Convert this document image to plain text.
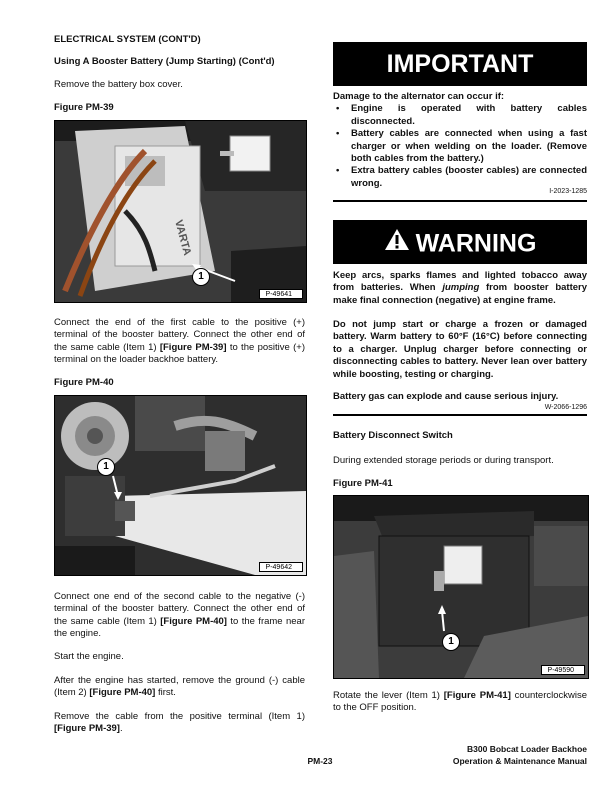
ELECTRICAL SYSTEM (CONT'D)
Using A Booster Battery (Jump Starting) (Cont'd)
Remove the battery box cover.
Figure PM-39
VARTA
1
P-49641
Connect the end of the first cable to the positive (+) terminal of the booster battery. Connect the other end of the same cable (Item 1) [Figure PM-39] to the positive (+) terminal on the loader backhoe battery.
Figure PM-40
1
P-49642
Connect one end of the second cable to the negative (-) terminal of the booster battery. Connect the other end of the same cable (Item 1) [Figure PM-40] to the frame near the engine.
Start the engine.
After the engine has started, remove the ground (-) cable (Item 2) [Figure PM-40] first.
Remove the cable from the positive terminal (Item 1) [Figure PM-39].
IMPORTANT
Damage to the alternator can occur if:
• Engine is operated with battery cables disconnected.
• Battery cables are connected when using a fast charger or when welding on the loader. (Remove both cables from the battery.)
• Extra battery cables (booster cables) are connected wrong.
I-2023-1285
WARNING
Keep arcs, sparks flames and lighted tobacco away from batteries. When jumping from booster battery make final connection (negative) at engine frame.
Do not jump start or charge a frozen or damaged battery. Warm battery to 60°F (16°C) before connecting to a charger. Unplug charger before connecting or disconnecting cables to battery. Never lean over battery while boosting, testing or charging.
Battery gas can explode and cause serious injury.
W-2066-1296
Battery Disconnect Switch
During extended storage periods or during transport.
Figure PM-41
1
P-49590
Rotate the lever (Item 1) [Figure PM-41] counterclockwise to the OFF position.
PM-23
B300 Bobcat Loader Backhoe
Operation & Maintenance Manual
